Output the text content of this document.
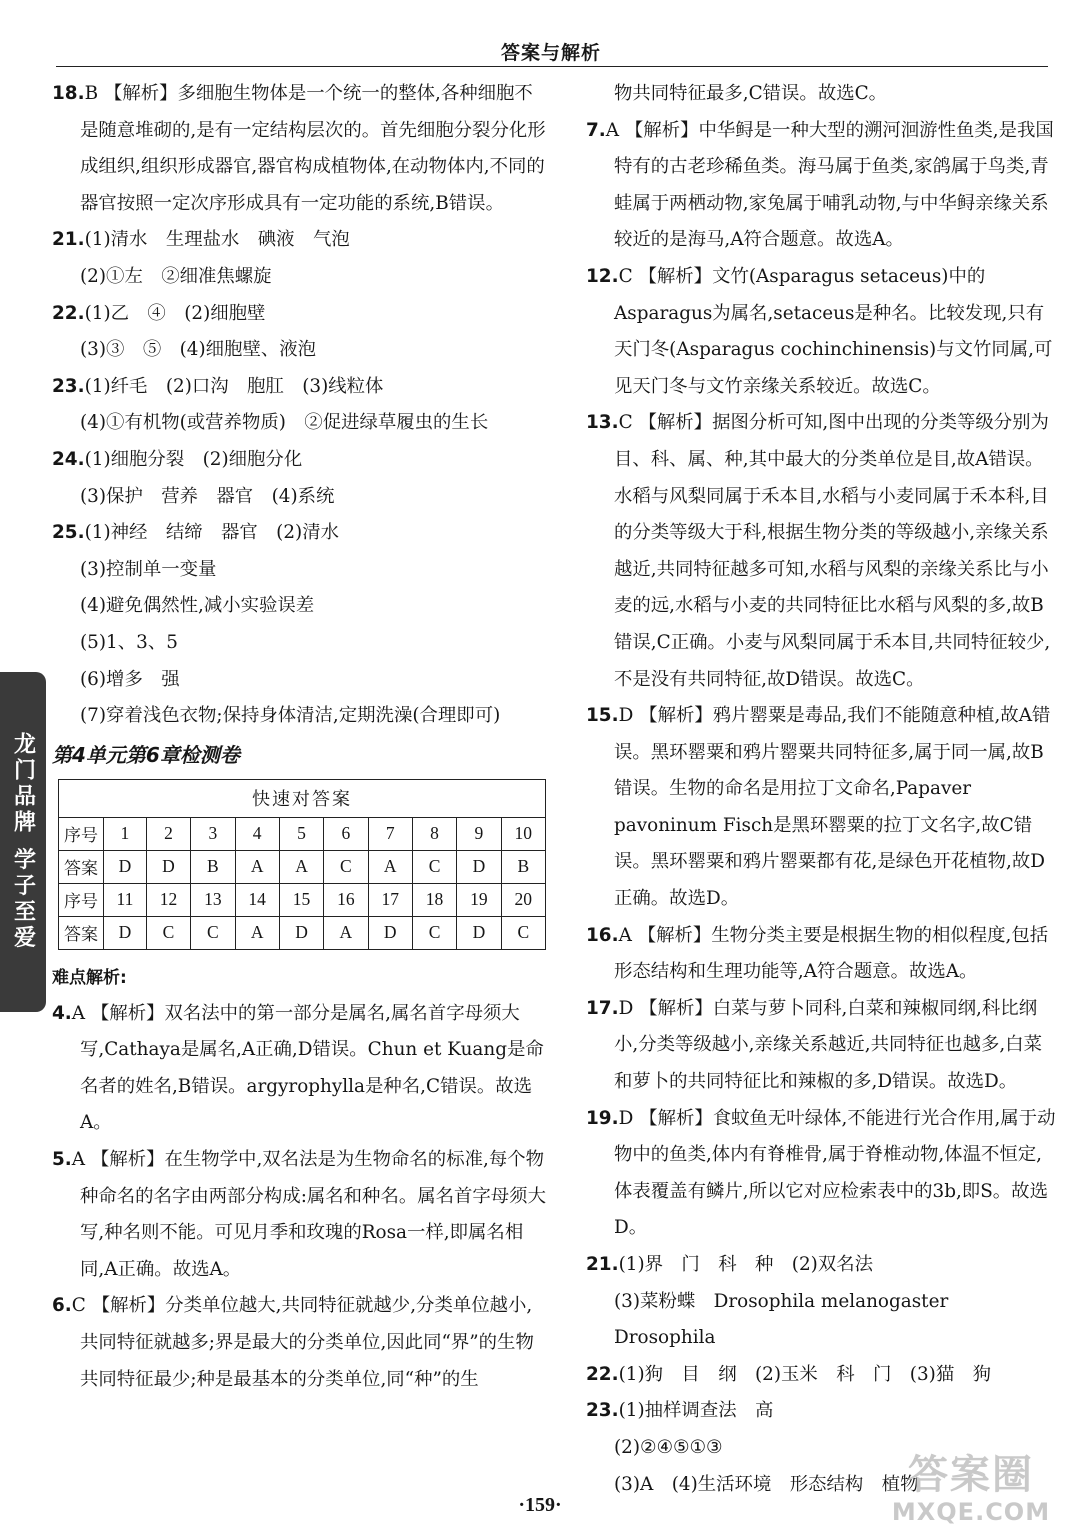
答案与解析
龙门品牌 学子至爱

18.B 【解析】多细胞生物体是一个统一的整体,各种细胞不是随意堆砌的,是有一定结构层次的。首先细胞分裂分化形成组织,组织形成器官,器官构成植物体,在动物体内,不同的器官按照一定次序形成具有一定功能的系统,B错误。

21.(1)清水　生理盐水　碘液　气泡

(2)①左　②细准焦螺旋

22.(1)乙　④　(2)细胞壁

(3)③　⑤　(4)细胞壁、液泡

23.(1)纤毛　(2)口沟　胞肛　(3)线粒体

(4)①有机物(或营养物质)　②促进绿草履虫的生长

24.(1)细胞分裂　(2)细胞分化

(3)保护　营养　器官　(4)系统

25.(1)神经　结缔　器官　(2)清水

(3)控制单一变量

(4)避免偶然性,减小实验误差

(5)1、3、5

(6)增多　强

(7)穿着浅色衣物;保持身体清洁,定期洗澡(合理即可)

第4单元第6章检测卷

快速对答案										
序号	1	2	3	4	5	6	7	8	9	10
答案	D	D	B	A	A	C	A	C	D	B
序号	11	12	13	14	15	16	17	18	19	20
答案	D	C	C	A	D	A	D	C	D	C

难点解析:

4.A 【解析】双名法中的第一部分是属名,属名首字母须大写,Cathaya是属名,A正确,D错误。Chun et Kuang是命名者的姓名,B错误。argyrophylla是种名,C错误。故选A。

5.A 【解析】在生物学中,双名法是为生物命名的标准,每个物种命名的名字由两部分构成:属名和种名。属名首字母须大写,种名则不能。可见月季和玫瑰的Rosa一样,即属名相同,A正确。故选A。

6.C 【解析】分类单位越大,共同特征就越少,分类单位越小,共同特征就越多;界是最大的分类单位,因此同“界”的生物共同特征最少;种是最基本的分类单位,同“种”的生

物共同特征最多,C错误。故选C。

7.A 【解析】中华鲟是一种大型的溯河洄游性鱼类,是我国特有的古老珍稀鱼类。海马属于鱼类,家鸽属于鸟类,青蛙属于两栖动物,家兔属于哺乳动物,与中华鲟亲缘关系较近的是海马,A符合题意。故选A。

12.C 【解析】文竹(Asparagus setaceus)中的Asparagus为属名,setaceus是种名。比较发现,只有天门冬(Asparagus cochinchinensis)与文竹同属,可见天门冬与文竹亲缘关系较近。故选C。

13.C 【解析】据图分析可知,图中出现的分类等级分别为目、科、属、种,其中最大的分类单位是目,故A错误。水稻与风梨同属于禾本目,水稻与小麦同属于禾本科,目的分类等级大于科,根据生物分类的等级越小,亲缘关系越近,共同特征越多可知,水稻与风梨的亲缘关系比与小麦的远,水稻与小麦的共同特征比水稻与风梨的多,故B错误,C正确。小麦与风梨同属于禾本目,共同特征较少,不是没有共同特征,故D错误。故选C。

15.D 【解析】鸦片罂粟是毒品,我们不能随意种植,故A错误。黑环罂粟和鸦片罂粟共同特征多,属于同一属,故B错误。生物的命名是用拉丁文命名,Papaver pavoninum Fisch是黑环罂粟的拉丁文名字,故C错误。黑环罂粟和鸦片罂粟都有花,是绿色开花植物,故D正确。故选D。

16.A 【解析】生物分类主要是根据生物的相似程度,包括形态结构和生理功能等,A符合题意。故选A。

17.D 【解析】白菜与萝卜同科,白菜和辣椒同纲,科比纲小,分类等级越小,亲缘关系越近,共同特征也越多,白菜和萝卜的共同特征比和辣椒的多,D错误。故选D。

19.D 【解析】食蚊鱼无叶绿体,不能进行光合作用,属于动物中的鱼类,体内有脊椎骨,属于脊椎动物,体温不恒定,体表覆盖有鳞片,所以它对应检索表中的3b,即S。故选D。

21.(1)界　门　科　种　(2)双名法

(3)菜粉蝶　Drosophila melanogaster　Drosophila

22.(1)狗　目　纲　(2)玉米　科　门　(3)猫　狗

23.(1)抽样调查法　高

(2)②④⑤①③

(3)A　(4)生活环境　形态结构　植物

·159·
答案圈
MXQE.COM
